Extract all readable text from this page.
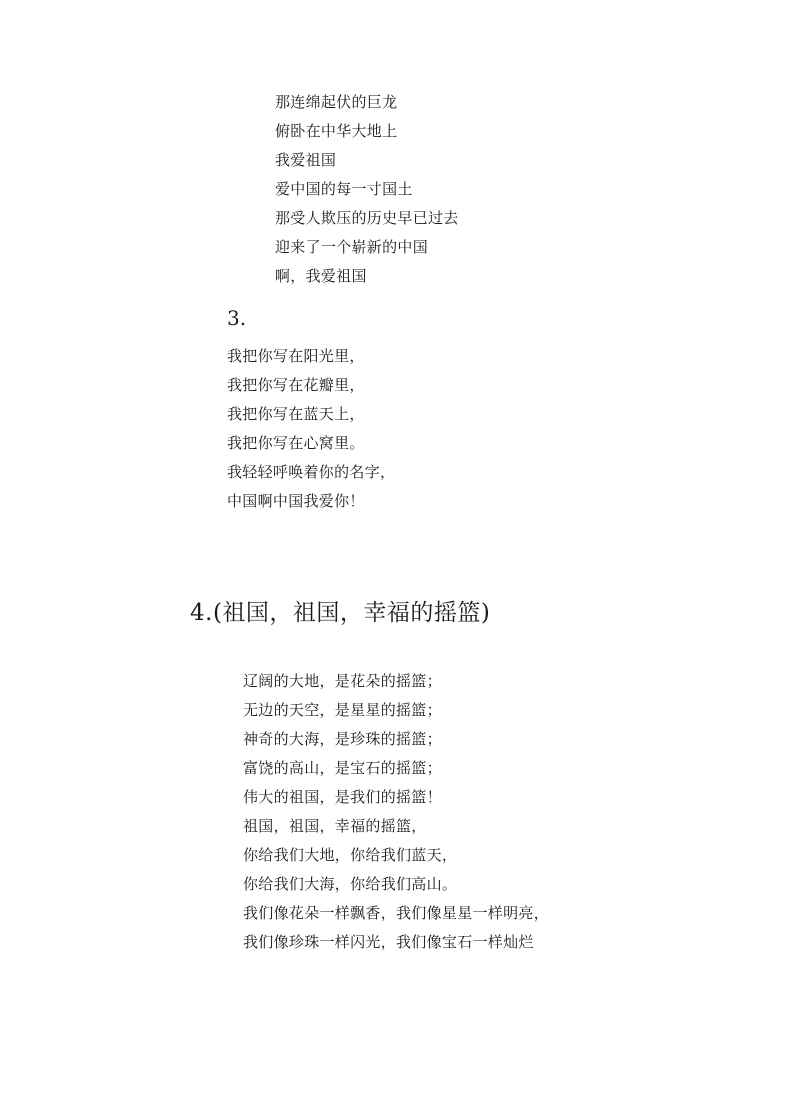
那连绵起伏的巨龙
俯卧在中华大地上
我爱祖国
爱中国的每一寸国土
那受人欺压的历史早已过去
迎来了一个崭新的中国
啊，我爱祖国
3.
我把你写在阳光里，
我把你写在花瓣里，
我把你写在蓝天上，
我把你写在心窝里。
我轻轻呼唤着你的名字，
中国啊中国我爱你！
4.(祖国，祖国，幸福的摇篮)
辽阔的大地，是花朵的摇篮；
无边的天空，是星星的摇篮；
神奇的大海，是珍珠的摇篮；
富饶的高山，是宝石的摇篮；
伟大的祖国，是我们的摇篮！
祖国，祖国，幸福的摇篮，
你给我们大地，你给我们蓝天，
你给我们大海，你给我们高山。
我们像花朵一样飘香，我们像星星一样明亮，
我们像珍珠一样闪光，我们像宝石一样灿烂
